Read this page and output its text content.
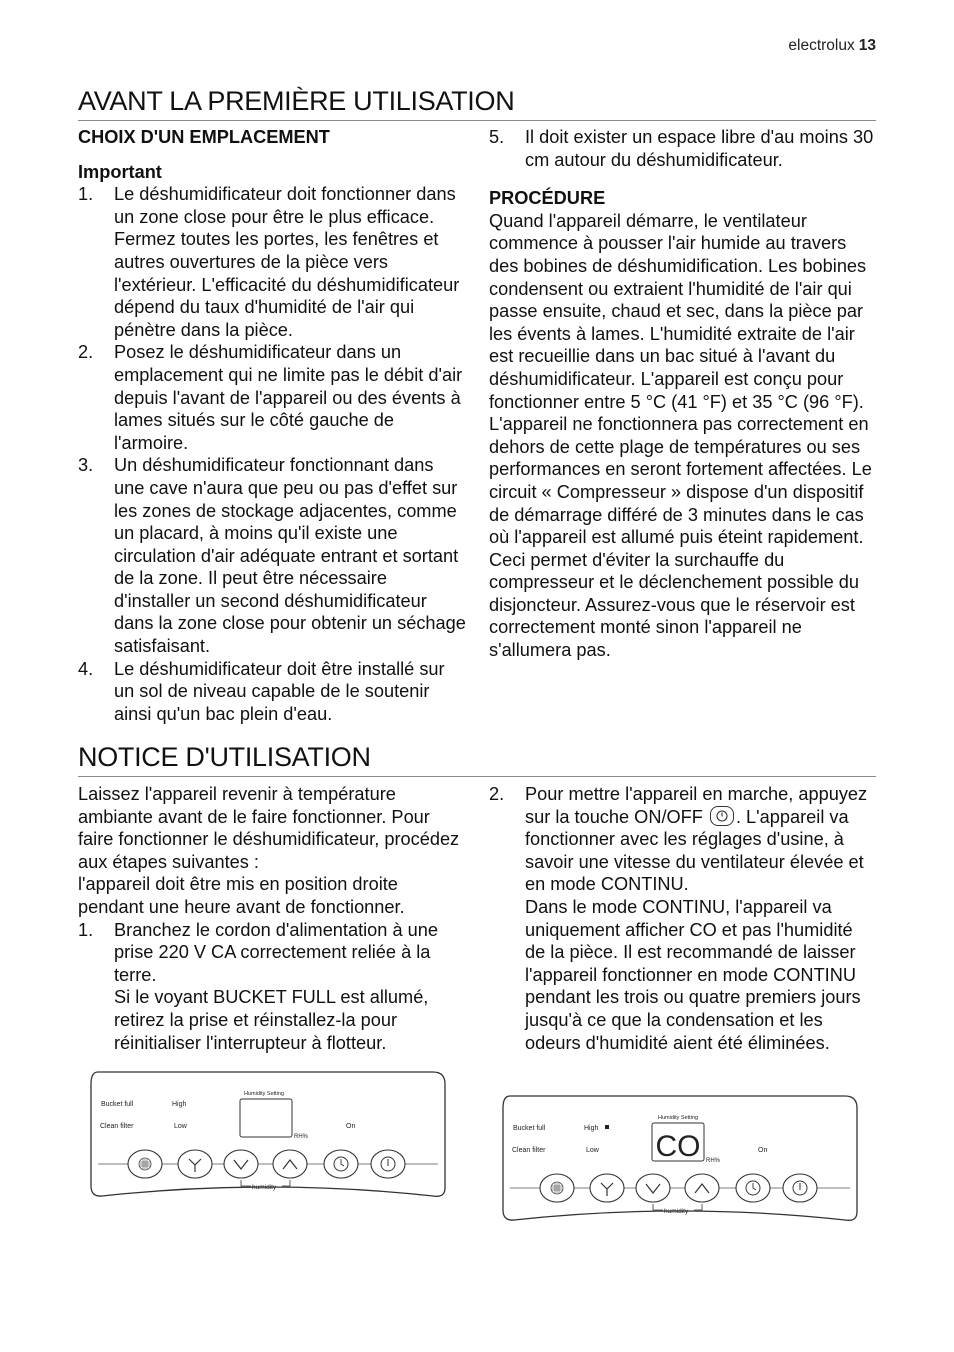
electrolux 13
AVANT LA PREMIÈRE UTILISATION
CHOIX D'UN EMPLACEMENT
Important
1. Le déshumidificateur doit fonctionner dans un zone close pour être le plus efficace. Fermez toutes les portes, les fenêtres et autres ouvertures de la pièce vers l'extérieur. L'efficacité du déshumidificateur dépend du taux d'humidité de l'air qui pénètre dans la pièce.
2. Posez le déshumidificateur dans un emplacement qui ne limite pas le débit d'air depuis l'avant de l'appareil ou des évents à lames situés sur le côté gauche de l'armoire.
3. Un déshumidificateur fonctionnant dans une cave n'aura que peu ou pas d'effet sur les zones de stockage adjacentes, comme un placard, à moins qu'il existe une circulation d'air adéquate entrant et sortant de la zone. Il peut être nécessaire d'installer un second déshumidificateur dans la zone close pour obtenir un séchage satisfaisant.
4. Le déshumidificateur doit être installé sur un sol de niveau capable de le soutenir ainsi qu'un bac plein d'eau.
5. Il doit exister un espace libre d'au moins 30 cm autour du déshumidificateur.
PROCÉDURE

Quand l'appareil démarre, le ventilateur commence à pousser l'air humide au travers des bobines de déshumidification. Les bobines condensent ou extraient l'humidité de l'air qui passe ensuite, chaud et sec, dans la pièce par les évents à lames. L'humidité extraite de l'air est recueillie dans un bac situé à l'avant du déshumidificateur. L'appareil est conçu pour fonctionner entre 5 °C (41 °F) et 35 °C (96 °F). L'appareil ne fonctionnera pas correctement en dehors de cette plage de températures ou ses performances en seront fortement affectées. Le circuit « Compresseur » dispose d'un dispositif de démarrage différé de 3 minutes dans le cas où l'appareil est allumé puis éteint rapidement. Ceci permet d'éviter la surchauffe du compresseur et le déclenchement possible du disjoncteur. Assurez-vous que le réservoir est correctement monté sinon l'appareil ne s'allumera pas.

NOTICE D'UTILISATION

Laissez l'appareil revenir à température ambiante avant de le faire fonctionner. Pour faire fonctionner le déshumidificateur, procédez aux étapes suivantes :

l'appareil doit être mis en position droite pendant une heure avant de fonctionner.

1. Branchez le cordon d'alimentation à une prise 220 V CA correctement reliée à la terre.
Si le voyant BUCKET FULL est allumé, retirez la prise et réinstallez-la pour réinitialiser l'interrupteur à flotteur.
2. Pour mettre l'appareil en marche, appuyez sur la touche ON/OFF . L'appareil va fonctionner avec les réglages d'usine, à savoir une vitesse du ventilateur élevée et en mode CONTINU.
Dans le mode CONTINU, l'appareil va uniquement afficher CO et pas l'humidité de la pièce. Il est recommandé de laisser l'appareil fonctionner en mode CONTINU pendant les trois ou quatre premiers jours jusqu'à ce que la condensation et les odeurs d'humidité aient été éliminées.
Bucket full
Clean filter
High
Low
Humidity Setting
RH%
On
humidity
Bucket full
Clean filter
High
Low
Humidity Setting
CO RH%
On
humidity
